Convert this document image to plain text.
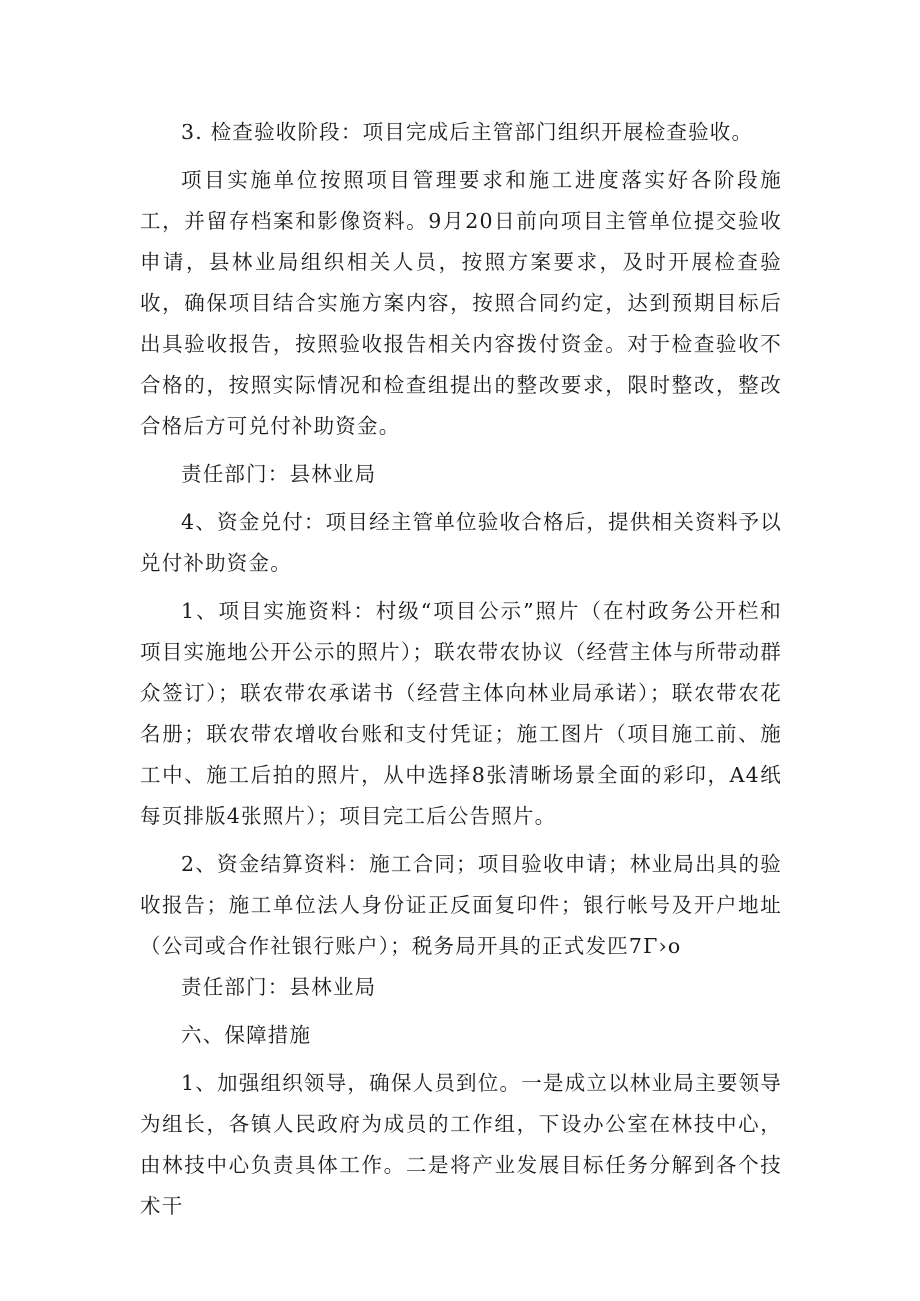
3. 检查验收阶段：项目完成后主管部门组织开展检查验收。

项目实施单位按照项目管理要求和施工进度落实好各阶段施工，并留存档案和影像资料。9月20日前向项目主管单位提交验收申请，县林业局组织相关人员，按照方案要求，及时开展检查验收，确保项目结合实施方案内容，按照合同约定，达到预期目标后出具验收报告，按照验收报告相关内容拨付资金。对于检查验收不合格的，按照实际情况和检查组提出的整改要求，限时整改，整改合格后方可兑付补助资金。

责任部门：县林业局

4、资金兑付：项目经主管单位验收合格后，提供相关资料予以兑付补助资金。

1、项目实施资料：村级“项目公示”照片（在村政务公开栏和项目实施地公开公示的照片）；联农带农协议（经营主体与所带动群众签订）；联农带农承诺书（经营主体向林业局承诺）；联农带农花名册；联农带农增收台账和支付凭证；施工图片（项目施工前、施工中、施工后拍的照片，从中选择8张清晰场景全面的彩印，A4纸每页排版4张照片）；项目完工后公告照片。

2、资金结算资料：施工合同；项目验收申请；林业局出具的验收报告；施工单位法人身份证正反面复印件；银行帐号及开户地址（公司或合作社银行账户）；税务局开具的正式发匹7Γ›o

责任部门：县林业局

六、保障措施

1、加强组织领导，确保人员到位。一是成立以林业局主要领导为组长，各镇人民政府为成员的工作组，下设办公室在林技中心，由林技中心负责具体工作。二是将产业发展目标任务分解到各个技术干
